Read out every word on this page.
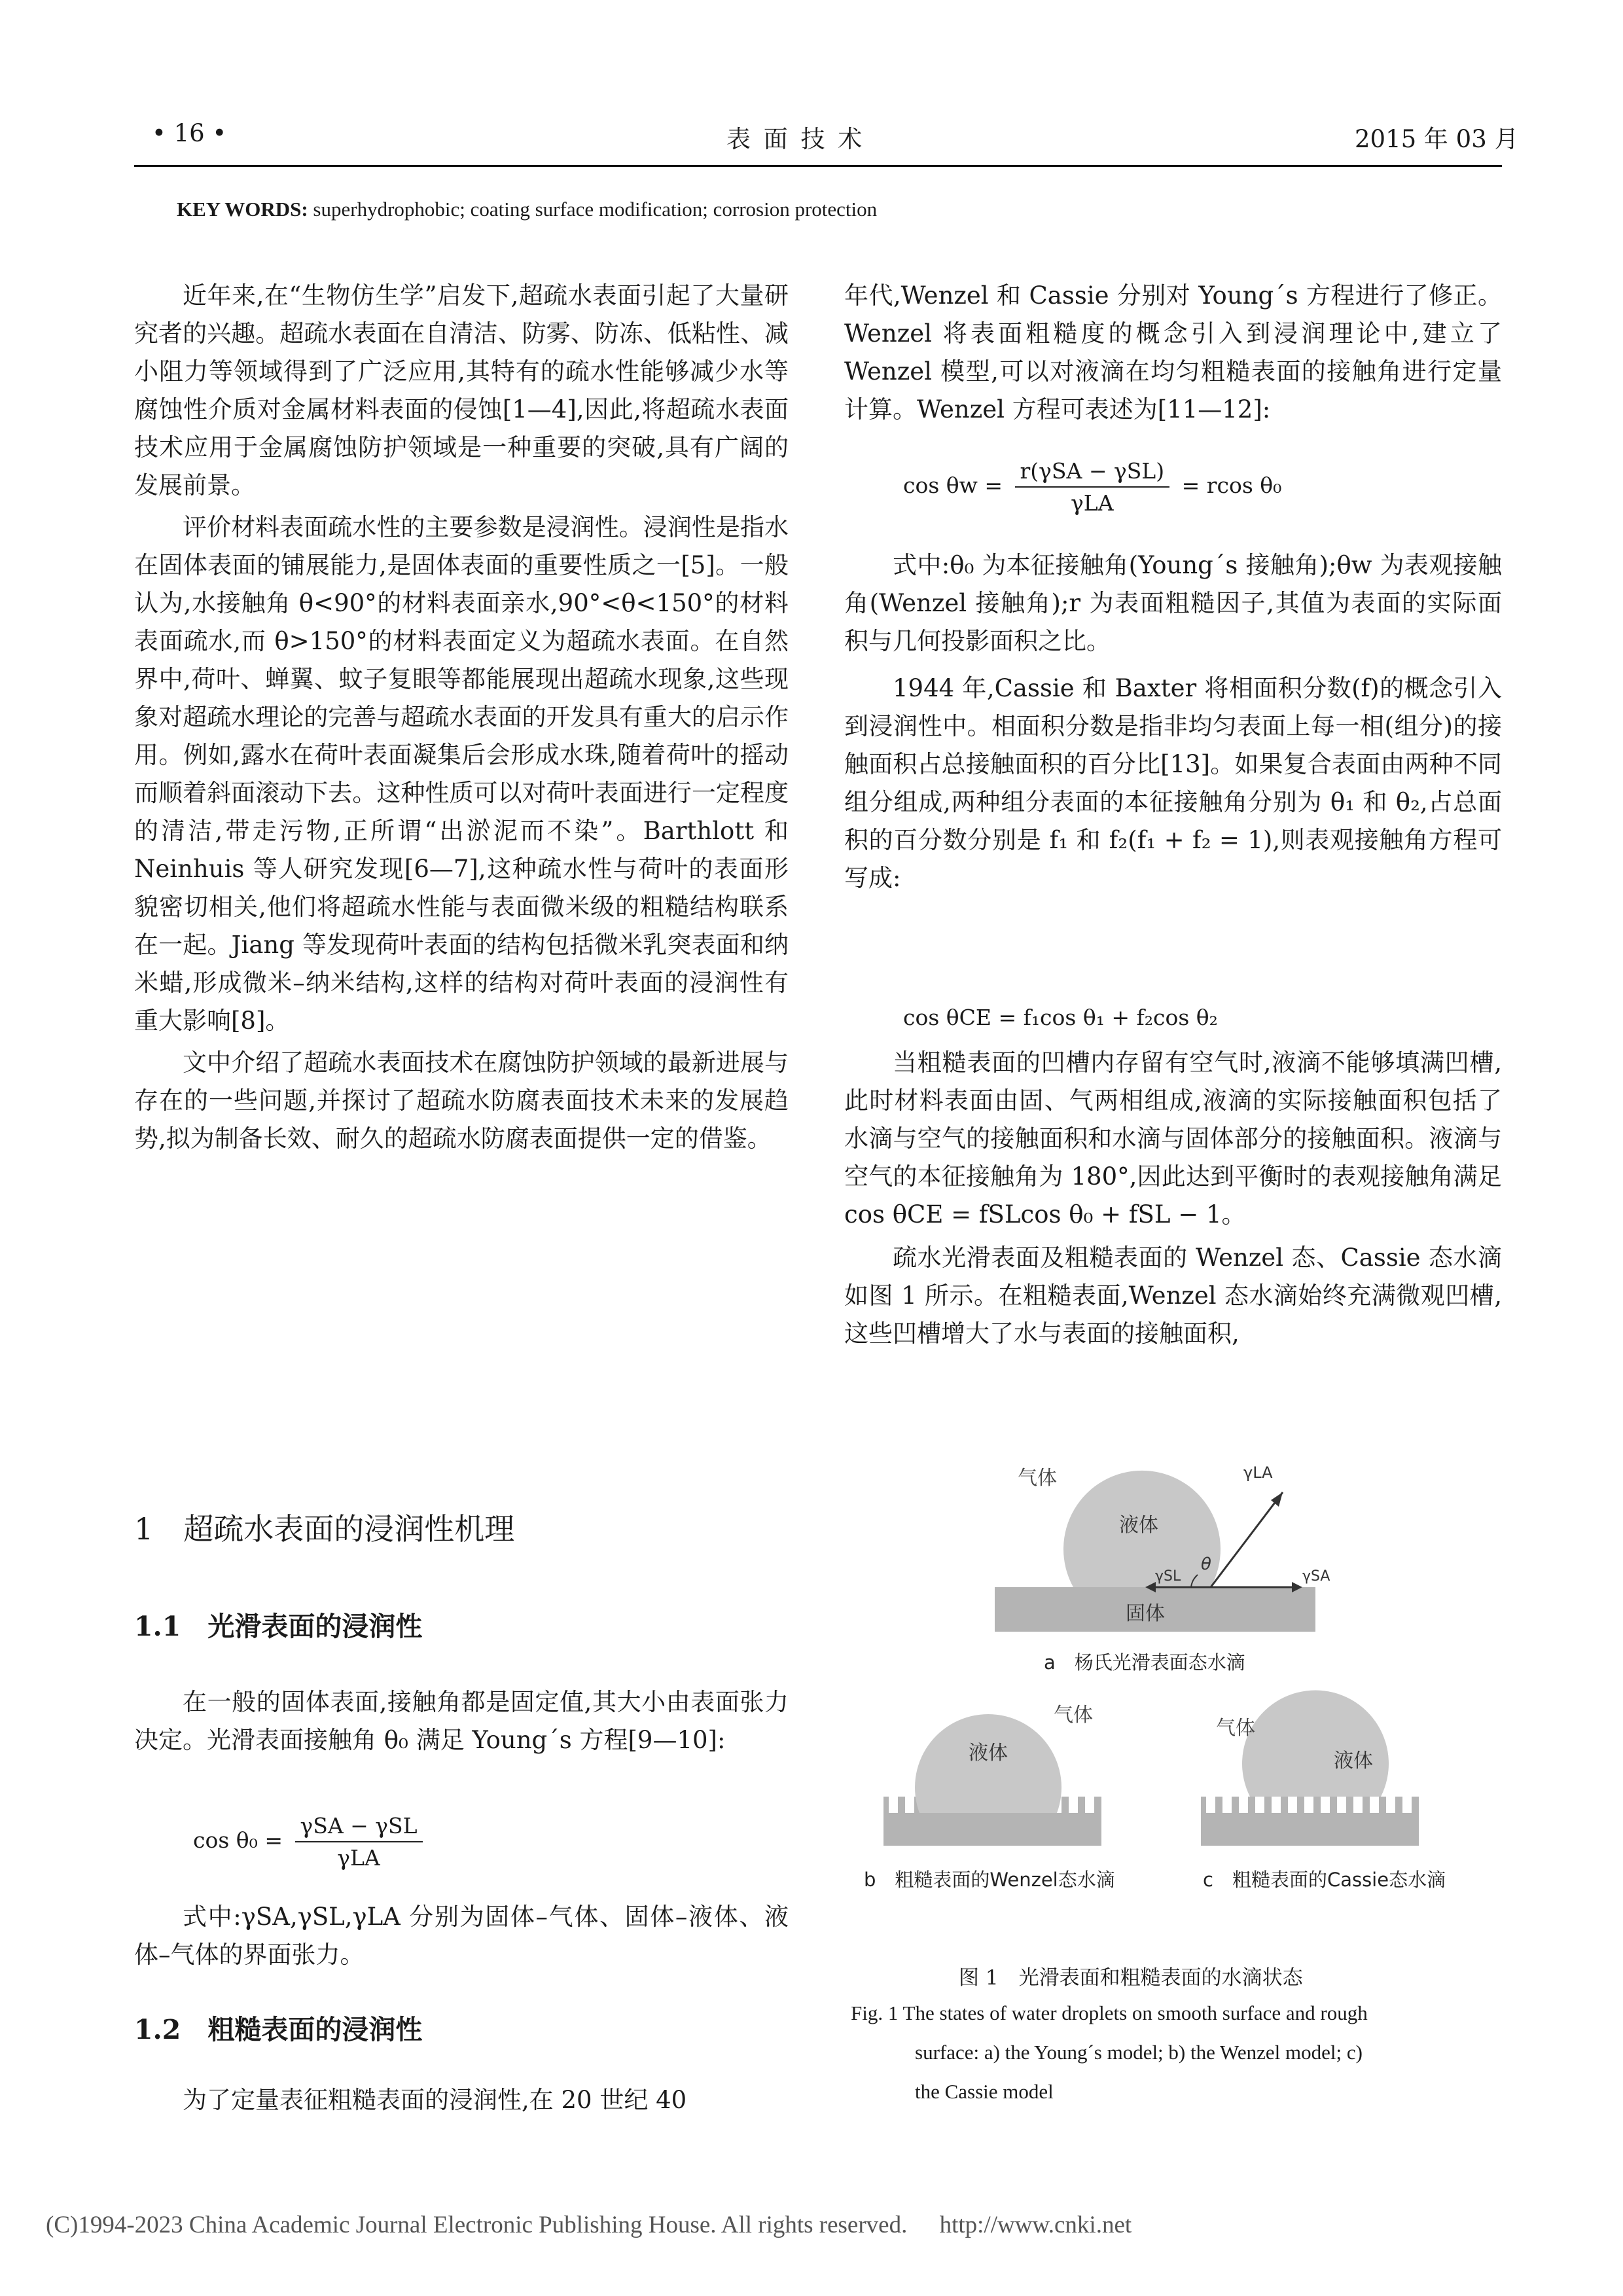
• 16 •	表 面 技 术	2015 年 03 月
KEY WORDS: superhydrophobic; coating surface modification; corrosion protection

近年来,在“生物仿生学”启发下,超疏水表面引起了大量研究者的兴趣。超疏水表面在自清洁、防雾、防冻、低粘性、减小阻力等领域得到了广泛应用,其特有的疏水性能够减少水等腐蚀性介质对金属材料表面的侵蚀[1—4],因此,将超疏水表面技术应用于金属腐蚀防护领域是一种重要的突破,具有广阔的发展前景。

评价材料表面疏水性的主要参数是浸润性。浸润性是指水在固体表面的铺展能力,是固体表面的重要性质之一[5]。一般认为,水接触角 θ<90°的材料表面亲水,90°<θ<150°的材料表面疏水,而 θ>150°的材料表面定义为超疏水表面。在自然界中,荷叶、蝉翼、蚊子复眼等都能展现出超疏水现象,这些现象对超疏水理论的完善与超疏水表面的开发具有重大的启示作用。例如,露水在荷叶表面凝集后会形成水珠,随着荷叶的摇动而顺着斜面滚动下去。这种性质可以对荷叶表面进行一定程度的清洁,带走污物,正所谓“出淤泥而不染”。Barthlott 和 Neinhuis 等人研究发现[6—7],这种疏水性与荷叶的表面形貌密切相关,他们将超疏水性能与表面微米级的粗糙结构联系在一起。Jiang 等发现荷叶表面的结构包括微米乳突表面和纳米蜡,形成微米–纳米结构,这样的结构对荷叶表面的浸润性有重大影响[8]。

文中介绍了超疏水表面技术在腐蚀防护领域的最新进展与存在的一些问题,并探讨了超疏水防腐表面技术未来的发展趋势,拟为制备长效、耐久的超疏水防腐表面提供一定的借鉴。

1　超疏水表面的浸润性机理
1.1　光滑表面的浸润性

在一般的固体表面,接触角都是固定值,其大小由表面张力决定。光滑表面接触角 θ₀ 满足 Young´s 方程[9—10]:

$\cos \theta_0 = \frac{\text{γSA − γSL}}{\text{γLA}}$

式中:γSA,γSL,γLA 分别为固体–气体、固体–液体、液体–气体的界面张力。

1.2　粗糙表面的浸润性

为了定量表征粗糙表面的浸润性,在 20 世纪 40

年代,Wenzel 和 Cassie 分别对 Young´s 方程进行了修正。Wenzel 将表面粗糙度的概念引入到浸润理论中,建立了 Wenzel 模型,可以对液滴在均匀粗糙表面的接触角进行定量计算。Wenzel 方程可表述为[11—12]:

$\cos \theta w = \frac{\text{r(γSA − γSL)}}{\text{γLA}} = rcos$ θ₀

式中:θ₀ 为本征接触角(Young´s 接触角);θw 为表观接触角(Wenzel 接触角);r 为表面粗糙因子,其值为表面的实际面积与几何投影面积之比。

1944 年,Cassie 和 Baxter 将相面积分数(f)的概念引入到浸润性中。相面积分数是指非均匀表面上每一相(组分)的接触面积占总接触面积的百分比[13]。如果复合表面由两种不同组分组成,两种组分表面的本征接触角分别为 θ₁ 和 θ₂,占总面积的百分数分别是 f₁ 和 f₂(f₁ + f₂ = 1),则表观接触角方程可写成:

cos θCE = f₁cos θ₁ + f₂cos θ₂

当粗糙表面的凹槽内存留有空气时,液滴不能够填满凹槽,此时材料表面由固、气两相组成,液滴的实际接触面积包括了水滴与空气的接触面积和水滴与固体部分的接触面积。液滴与空气的本征接触角为 180°,因此达到平衡时的表观接触角满足 cos θCE = fSLcos θ₀ + fSL − 1。

疏水光滑表面及粗糙表面的 Wenzel 态、Cassie 态水滴如图 1 所示。在粗糙表面,Wenzel 态水滴始终充满微观凹槽,这些凹槽增大了水与表面的接触面积,

气体
液体
固体
θ
γLA
γSL	γSA
a　杨氏光滑表面态水滴
气体
液体
b　粗糙表面的Wenzel态水滴
气体
液体
c　粗糙表面的Cassie态水滴
图 1　光滑表面和粗糙表面的水滴状态
Fig. 1 The states of water droplets on smooth surface and rough
surface: a) the Young´s model; b) the Wenzel model; c)
the Cassie model
(C)1994-2023 China Academic Journal Electronic Publishing House. All rights reserved. http://www.cnki.net
